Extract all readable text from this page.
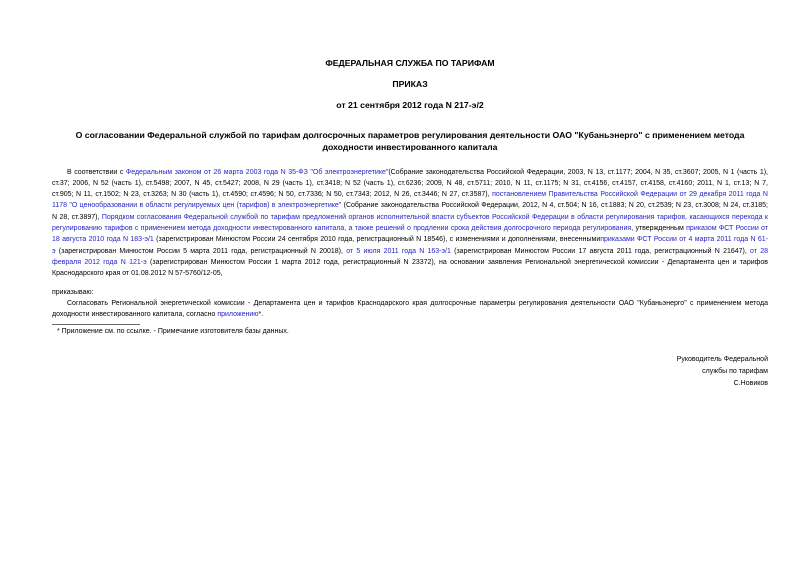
ФЕДЕРАЛЬНАЯ СЛУЖБА ПО ТАРИФАМ
ПРИКАЗ
от 21 сентября 2012 года N 217-э/2
О согласовании Федеральной службой по тарифам долгосрочных параметров регулирования деятельности ОАО "Кубаньэнерго" с применением метода
доходности инвестированного капитала
В соответствии с Федеральным законом от 26 марта 2003 года N 35-ФЗ "Об электроэнергетике"(Собрание законодательства Российской Федерации, 2003, N 13, ст.1177; 2004, N 35, ст.3607; 2005, N 1 (часть 1),
ст.37; 2006, N 52 (часть 1), ст.5498; 2007, N 45, ст.5427; 2008, N 29 (часть 1), ст.3418; N 52 (часть 1), ст.6236; 2009, N 48, ст.5711; 2010, N 11, ст.1175; N 31, ст.4156, ст.4157, ст.4158, ст.4160; 2011, N 1, ст.13; N 7,
ст.905; N 11, ст.1502; N 23, ст.3263; N 30 (часть 1), ст.4590; ст.4596; N 50, ст.7336; N 50, ст.7343; 2012, N 26, ст.3446; N 27, ст.3587), постановлением Правительства Российской Федерации от 29 декабря 2011 года N
1178 "О ценообразовании в области регулируемых цен (тарифов) в электроэнергетике" (Собрание законодательства Российской Федерации, 2012, N 4, ст.504; N 16, ст.1883; N 20, ст.2539; N 23, ст.3008; N 24, ст.3185;
N 28, ст.3897), Порядком согласования Федеральной службой по тарифам предложений органов исполнительной власти субъектов Российской Федерации в области регулирования тарифов, касающихся перехода к
регулированию тарифов с применением метода доходности инвестированного капитала, а также решений о продлении срока действия долгосрочного периода регулирования, утвержденным приказом ФСТ России от
18 августа 2010 года N 183-э/1 (зарегистрирован Минюстом России 24 сентября 2010 года, регистрационный N 18546), с изменениями и дополнениями, внесеннымиприказами ФСТ России от 4 марта 2011 года N 61-
э (зарегистрирован Минюстом России 5 марта 2011 года, регистрационный N 20018), от 5 июля 2011 года N 163-э/1 (зарегистрирован Минюстом России 17 августа 2011 года, регистрационный N 21647), от 28
февраля 2012 года N 121-э (зарегистрирован Минюстом России 1 марта 2012 года, регистрационный N 23372), на основании заявления Региональной энергетической комиссии - Департамента цен и тарифов
Краснодарского края от 01.08.2012 N 57-5760/12-05,
приказываю:
Согласовать Региональной энергетической комиссии - Департамента цен и тарифов Краснодарского края долгосрочные параметры регулирования деятельности ОАО "Кубаньэнерго" с применением метода
доходности инвестированного капитала, согласно приложению*.
* Приложение см. по ссылке. - Примечание изготовителя базы данных.
Руководитель Федеральной
службы по тарифам
С.Новиков
